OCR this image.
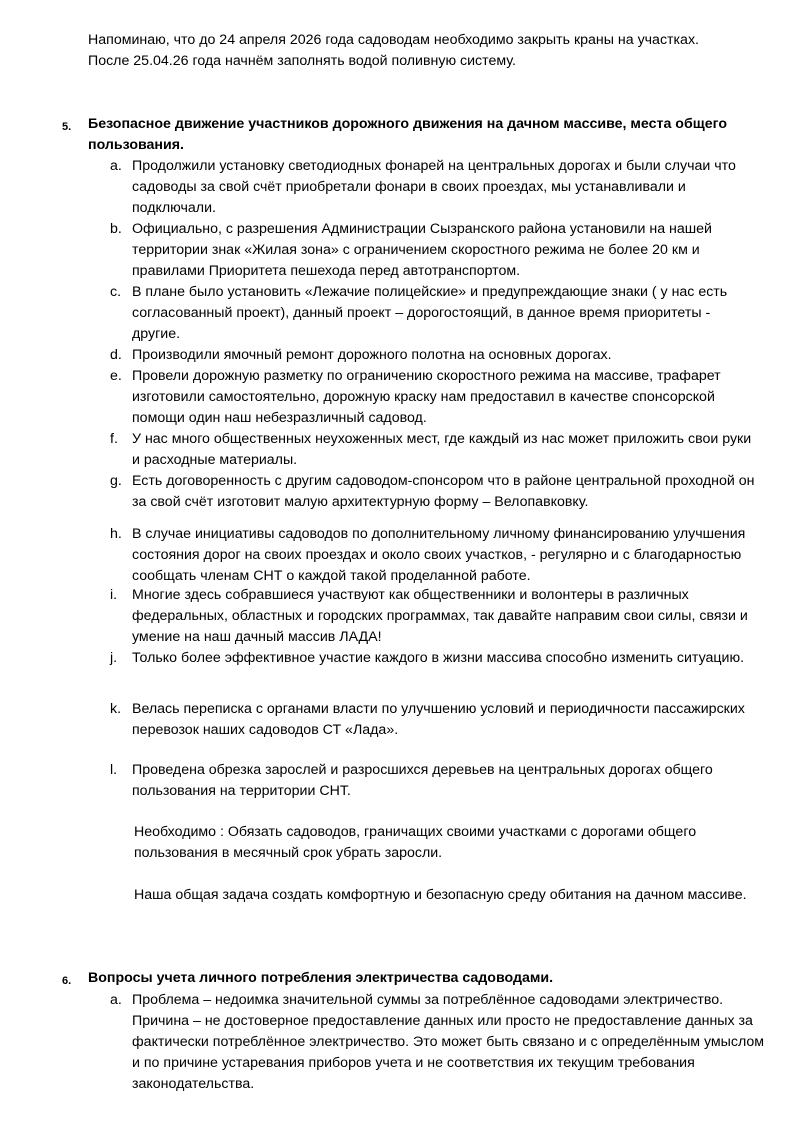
Напоминаю, что до 24 апреля 2026 года садоводам необходимо закрыть краны на участках.
После 25.04.26 года начнём заполнять водой поливную систему.
5. Безопасное движение участников дорожного движения на дачном массиве, места общего пользования.
a. Продолжили установку светодиодных фонарей на центральных дорогах и были случаи что садоводы за свой счёт приобретали фонари в своих проездах, мы устанавливали и подключали.
b. Официально, с разрешения Администрации Сызранского района установили на нашей территории знак «Жилая зона» с ограничением скоростного режима не более 20 км и правилами Приоритета пешехода перед автотранспортом.
c. В плане было установить «Лежачие полицейские» и предупреждающие знаки ( у нас есть согласованный проект), данный проект – дорогостоящий, в данное время приоритеты - другие.
d. Производили ямочный ремонт дорожного полотна на основных дорогах.
e. Провели дорожную разметку по ограничению скоростного режима на массиве, трафарет изготовили самостоятельно, дорожную краску нам предоставил в качестве спонсорской помощи один наш небезразличный садовод.
f. У нас много общественных неухоженных мест, где каждый из нас может приложить свои руки и расходные материалы.
g. Есть договоренность с другим садоводом-спонсором что в районе центральной проходной он за свой счёт изготовит малую архитектурную форму – Велопавковку.
h. В случае инициативы садоводов по дополнительному личному финансированию улучшения состояния дорог на своих проездах и около своих участков, - регулярно и с благодарностью сообщать членам СНТ о каждой такой проделанной работе.
i. Многие здесь собравшиеся участвуют как общественники и волонтеры в различных федеральных, областных и городских программах, так давайте направим свои силы, связи и умение на наш дачный массив ЛАДА!
j. Только более эффективное участие каждого в жизни массива способно изменить ситуацию.
k. Велась переписка с органами власти по улучшению условий и периодичности пассажирских перевозок наших садоводов СТ «Лада».
l. Проведена обрезка зарослей и разросшихся деревьев на центральных дорогах общего пользования на территории СНТ.
Необходимо : Обязать садоводов, граничащих своими участками с дорогами общего пользования в месячный срок убрать заросли.
Наша общая задача создать комфортную и безопасную среду обитания на дачном массиве.
6. Вопросы учета личного потребления электричества садоводами.
a. Проблема – недоимка значительной суммы за потреблённое садоводами электричество. Причина – не достоверное предоставление данных или просто не предоставление данных за фактически потреблённое электричество. Это может быть связано и с определённым умыслом и по причине устаревания приборов учета и не соответствия их текущим требования законодательства.
